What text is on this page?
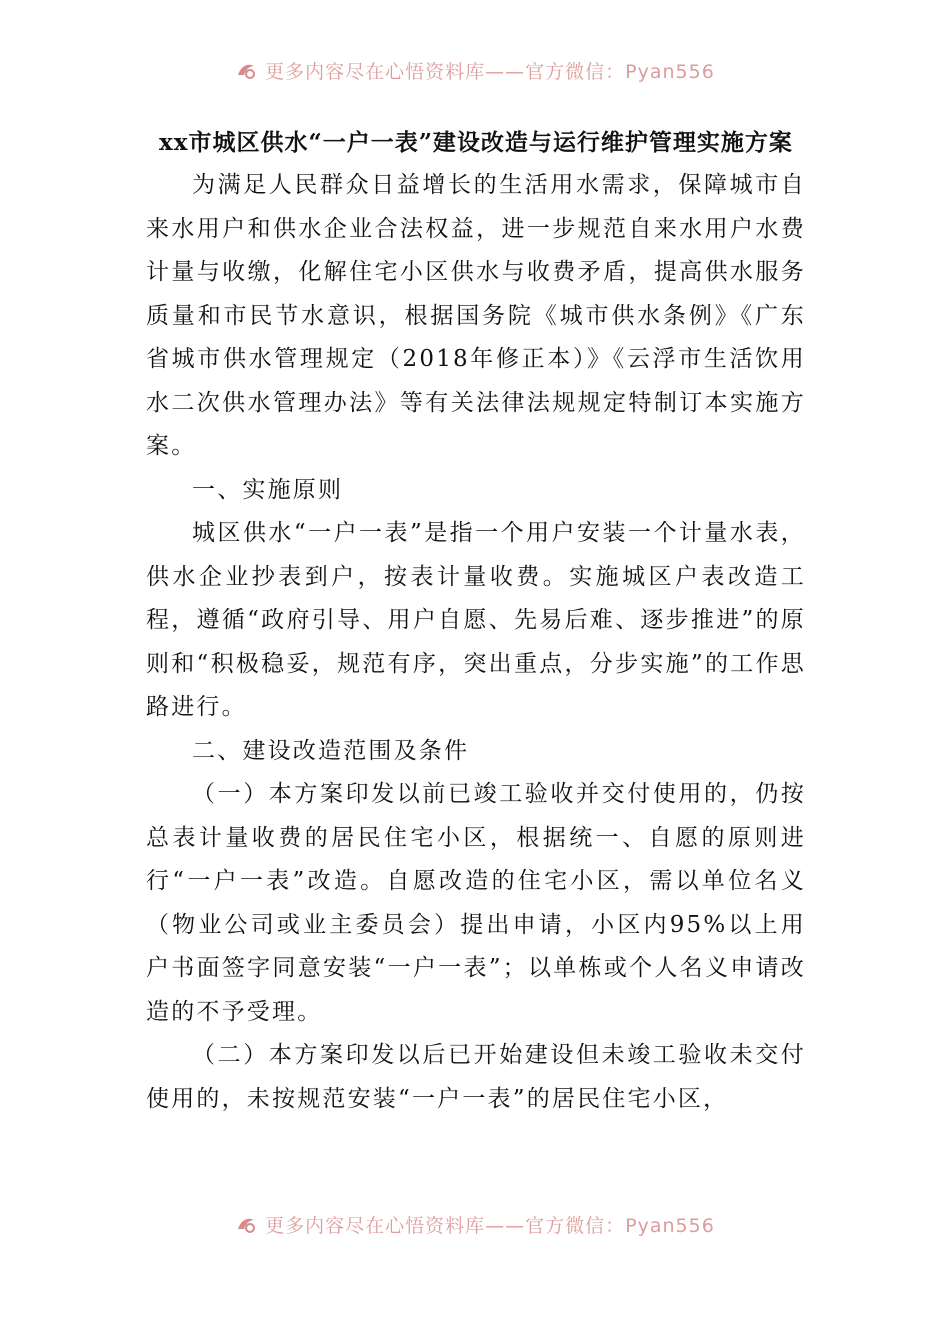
更多内容尽在心悟资料库——官方微信：Pyan556
xx市城区供水“一户一表”建设改造与运行维护管理实施方案

为满足人民群众日益增长的生活用水需求，保障城市自来水用户和供水企业合法权益，进一步规范自来水用户水费计量与收缴，化解住宅小区供水与收费矛盾，提高供水服务质量和市民节水意识，根据国务院《城市供水条例》《广东省城市供水管理规定（2018年修正本）》《云浮市生活饮用水二次供水管理办法》等有关法律法规规定特制订本实施方案。

一、实施原则

城区供水“一户一表”是指一个用户安装一个计量水表，供水企业抄表到户，按表计量收费。实施城区户表改造工程，遵循“政府引导、用户自愿、先易后难、逐步推进”的原则和“积极稳妥，规范有序，突出重点，分步实施”的工作思路进行。

二、建设改造范围及条件

（一）本方案印发以前已竣工验收并交付使用的，仍按总表计量收费的居民住宅小区，根据统一、自愿的原则进行“一户一表”改造。自愿改造的住宅小区，需以单位名义（物业公司或业主委员会）提出申请，小区内95%以上用户书面签字同意安装“一户一表”；以单栋或个人名义申请改造的不予受理。

（二）本方案印发以后已开始建设但未竣工验收未交付使用的，未按规范安装“一户一表”的居民住宅小区，

更多内容尽在心悟资料库——官方微信：Pyan556
